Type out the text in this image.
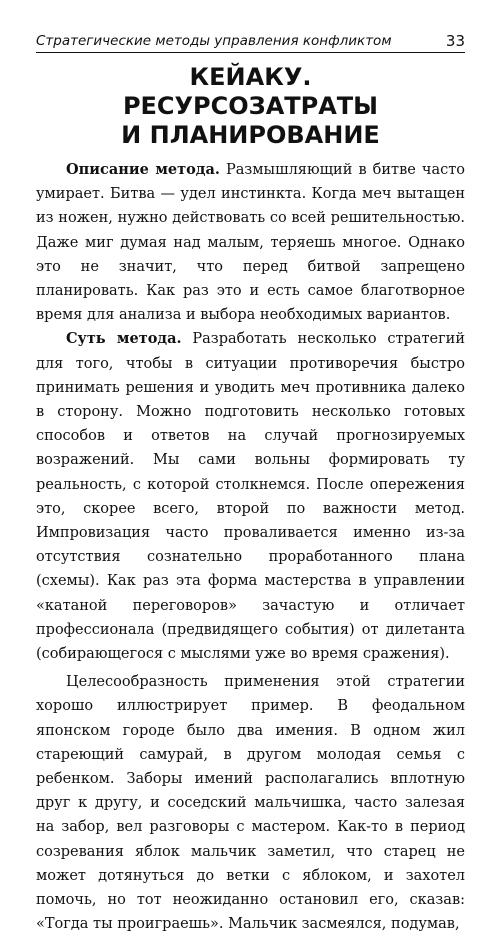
Стратегические методы управления конфликтом	33
КЕЙАКУ.
РЕСУРСОЗАТРАТЫ
И ПЛАНИРОВАНИЕ

Описание метода. Размышляющий в битве часто умирает. Битва — удел инстинкта. Когда меч вытащен из ножен, нужно действовать со всей решительностью. Даже миг думая над малым, теряешь многое. Однако это не значит, что перед битвой запрещено планировать. Как раз это и есть самое благотворное время для анализа и выбора необходимых вариантов.

Суть метода. Разработать несколько стратегий для того, чтобы в ситуации противоречия быстро принимать решения и уводить меч противника далеко в сторону. Можно подготовить несколько готовых способов и ответов на случай прогнозируемых возражений. Мы сами вольны формировать ту реальность, с которой столкнемся. После опережения это, скорее всего, второй по важности метод. Импровизация часто проваливается именно из-за отсутствия сознательно проработанного плана (схемы). Как раз эта форма мастерства в управлении «катаной переговоров» зачастую и отличает профессионала (предвидящего события) от дилетанта (собирающегося с мыслями уже во время сражения).

Целесообразность применения этой стратегии хорошо иллюстрирует пример. В феодальном японском городе было два имения. В одном жил стареющий самурай, в другом молодая семья с ребенком. Заборы имений располагались вплотную друг к другу, и соседский мальчишка, часто залезая на забор, вел разговоры с мастером. Как-то в период созревания яблок мальчик заметил, что старец не может дотянуться до ветки с яблоком, и захотел помочь, но тот неожиданно остановил его, сказав: «Тогда ты проиграешь». Мальчик засмеялся, подумав,
